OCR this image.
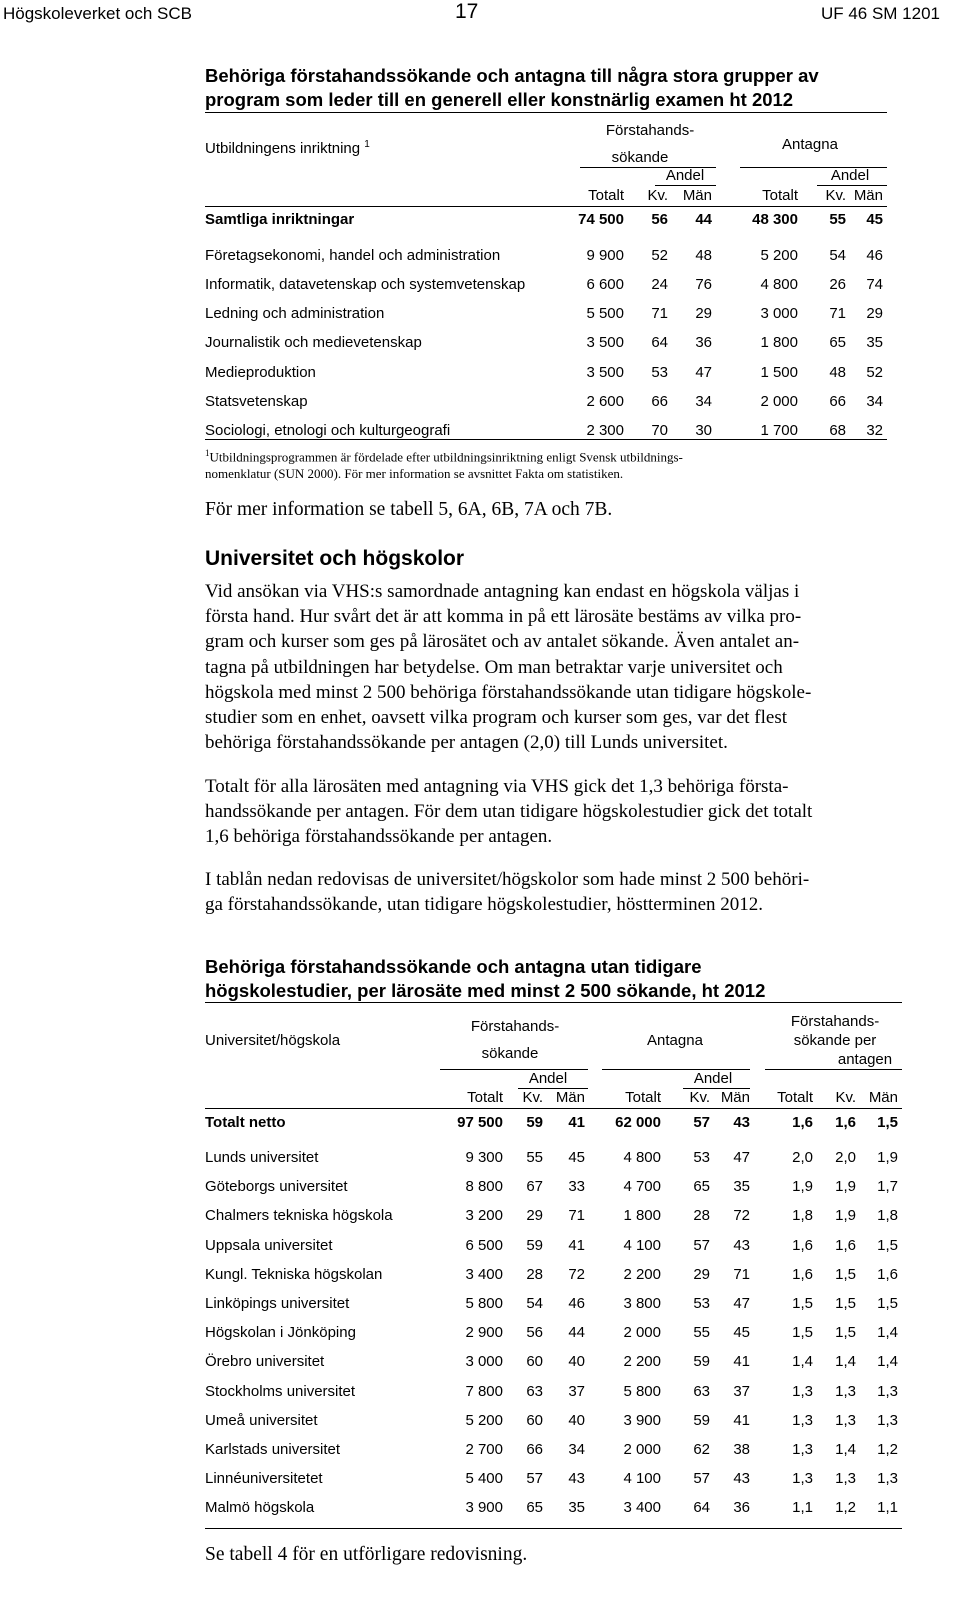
Högskoleverket och SCB	17	UF 46 SM 1201
Behöriga förstahandssökande och antagna till några stora grupper av
program som leder till en generell eller konstnärlig examen ht 2012
Utbildningens inriktning $^1$
Förstahands-
sökande
Antagna
Andel	Andel
Totalt	Kv. Män	Totalt	Kv. Män
Samtliga inriktningar	74 500	56	44	48 300	55	45
Företagsekonomi, handel och administration	9 900	52	48	5 200	54	46
Informatik, datavetenskap och systemvetenskap	6 600	24	76	4 800	26	74
Ledning och administration	5 500	71	29	3 000	71	29
Journalistik och medievetenskap	3 500	64	36	1 800	65	35
Medieproduktion	3 500	53	47	1 500	48	52
Statsvetenskap	2 600	66	34	2 000	66	34
Sociologi, etnologi och kulturgeografi	2 300	70	30	1 700	68	32
$^1$Utbildningsprogrammen är fördelade efter utbildningsinriktning enligt Svensk utbildnings-
nomenklatur (SUN 2000). För mer information se avsnittet Fakta om statistiken.
För mer information se tabell 5, 6A, 6B, 7A och 7B.
Universitet och högskolor
Vid ansökan via VHS:s samordnade antagning kan endast en högskola väljas i
första hand. Hur svårt det är att komma in på ett lärosäte bestäms av vilka pro-
gram och kurser som ges på lärosätet och av antalet sökande. Även antalet an-
tagna på utbildningen har betydelse. Om man betraktar varje universitet och
högskola med minst 2 500 behöriga förstahandssökande utan tidigare högskole-
studier som en enhet, oavsett vilka program och kurser som ges, var det flest
behöriga förstahandssökande per antagen (2,0) till Lunds universitet.
Totalt för alla lärosäten med antagning via VHS gick det 1,3 behöriga första-
handssökande per antagen. För dem utan tidigare högskolestudier gick det totalt
1,6 behöriga förstahandssökande per antagen.
I tablån nedan redovisas de universitet/högskolor som hade minst 2 500 behöri-
ga förstahandssökande, utan tidigare högskolestudier, höstterminen 2012.
Behöriga förstahandssökande och antagna utan tidigare
högskolestudier, per lärosäte med minst 2 500 sökande, ht 2012
Universitet/högskola
Förstahands-
sökande
Antagna
Förstahands-
sökande per
antagen
Andel	Andel
Totalt	Kv. Män	Totalt	Kv. Män	Totalt	Kv. Män
Totalt netto	97 500	59	41	62 000	57	43	1,6	1,6	1,5
Lunds universitet	9 300	55	45	4 800	53	47	2,0	2,0	1,9
Göteborgs universitet	8 800	67	33	4 700	65	35	1,9	1,9	1,7
Chalmers tekniska högskola	3 200	29	71	1 800	28	72	1,8	1,9	1,8
Uppsala universitet	6 500	59	41	4 100	57	43	1,6	1,6	1,5
Kungl. Tekniska högskolan	3 400	28	72	2 200	29	71	1,6	1,5	1,6
Linköpings universitet	5 800	54	46	3 800	53	47	1,5	1,5	1,5
Högskolan i Jönköping	2 900	56	44	2 000	55	45	1,5	1,5	1,4
Örebro universitet	3 000	60	40	2 200	59	41	1,4	1,4	1,4
Stockholms universitet	7 800	63	37	5 800	63	37	1,3	1,3	1,3
Umeå universitet	5 200	60	40	3 900	59	41	1,3	1,3	1,3
Karlstads universitet	2 700	66	34	2 000	62	38	1,3	1,4	1,2
Linnéuniversitetet	5 400	57	43	4 100	57	43	1,3	1,3	1,3
Malmö högskola	3 900	65	35	3 400	64	36	1,1	1,2	1,1
Se tabell 4 för en utförligare redovisning.
